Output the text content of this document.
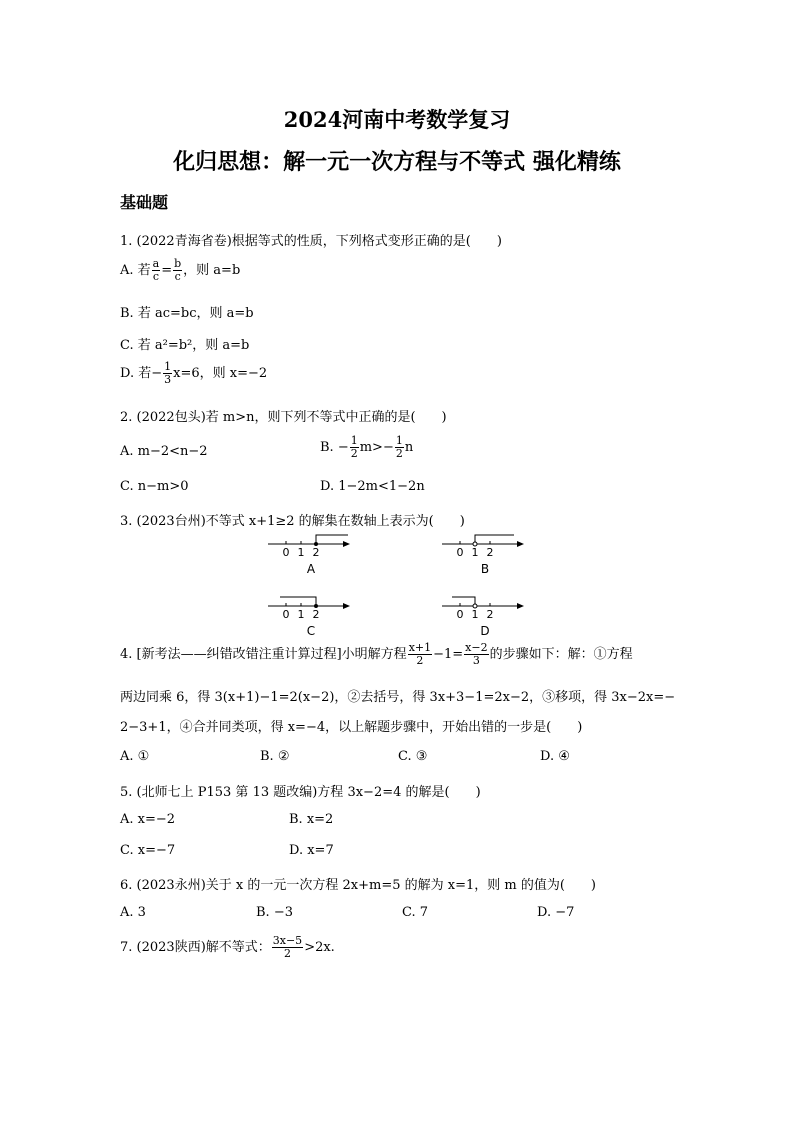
2024河南中考数学复习
化归思想：解一元一次方程与不等式 强化精练
基础题
1. (2022青海省卷)根据等式的性质，下列格式变形正确的是(　　)
A. 若 $\frac{a}{c} = \frac{b}{c}$ ，则 a=b
B. 若 ac=bc，则 a=b
C. 若 a²=b²，则 a=b
D. 若− $\frac{1}{3} x=6$，则 x=−2
2. (2022包头)若 m>n，则下列不等式中正确的是(　　)
A. m−2<n−2	B. − $\frac{1}{2} m>- \frac{1}{2}$ n
C. n−m>0	D. 1−2m<1−2n
3. (2023台州)不等式 x+1≥2 的解集在数轴上表示为(　　)
0 1 2
A
0 1 2
B
0 1 2
C
0 1 2
D
4. [新考法——纠错改错注重计算过程]小明解方程 $\frac{x+1}{2} -1= \frac{x-2}{3}$ 的步骤如下：解：①方程
两边同乘 6，得 3(x+1)−1=2(x−2)，②去括号，得 3x+3−1=2x−2，③移项，得 3x−2x=−
2−3+1，④合并同类项，得 x=−4，以上解题步骤中，开始出错的一步是(　　)
A. ①	B. ②	C. ③	D. ④
5. (北师七上 P153 第 13 题改编)方程 3x−2=4 的解是(　　)
A. x=−2	B. x=2
C. x=−7	D. x=7
6. (2023永州)关于 x 的一元一次方程 2x+m=5 的解为 x=1，则 m 的值为(　　)
A. 3	B. −3	C. 7	D. −7
7. (2023陕西)解不等式： $\frac{3x-5}{2} >2x$.
